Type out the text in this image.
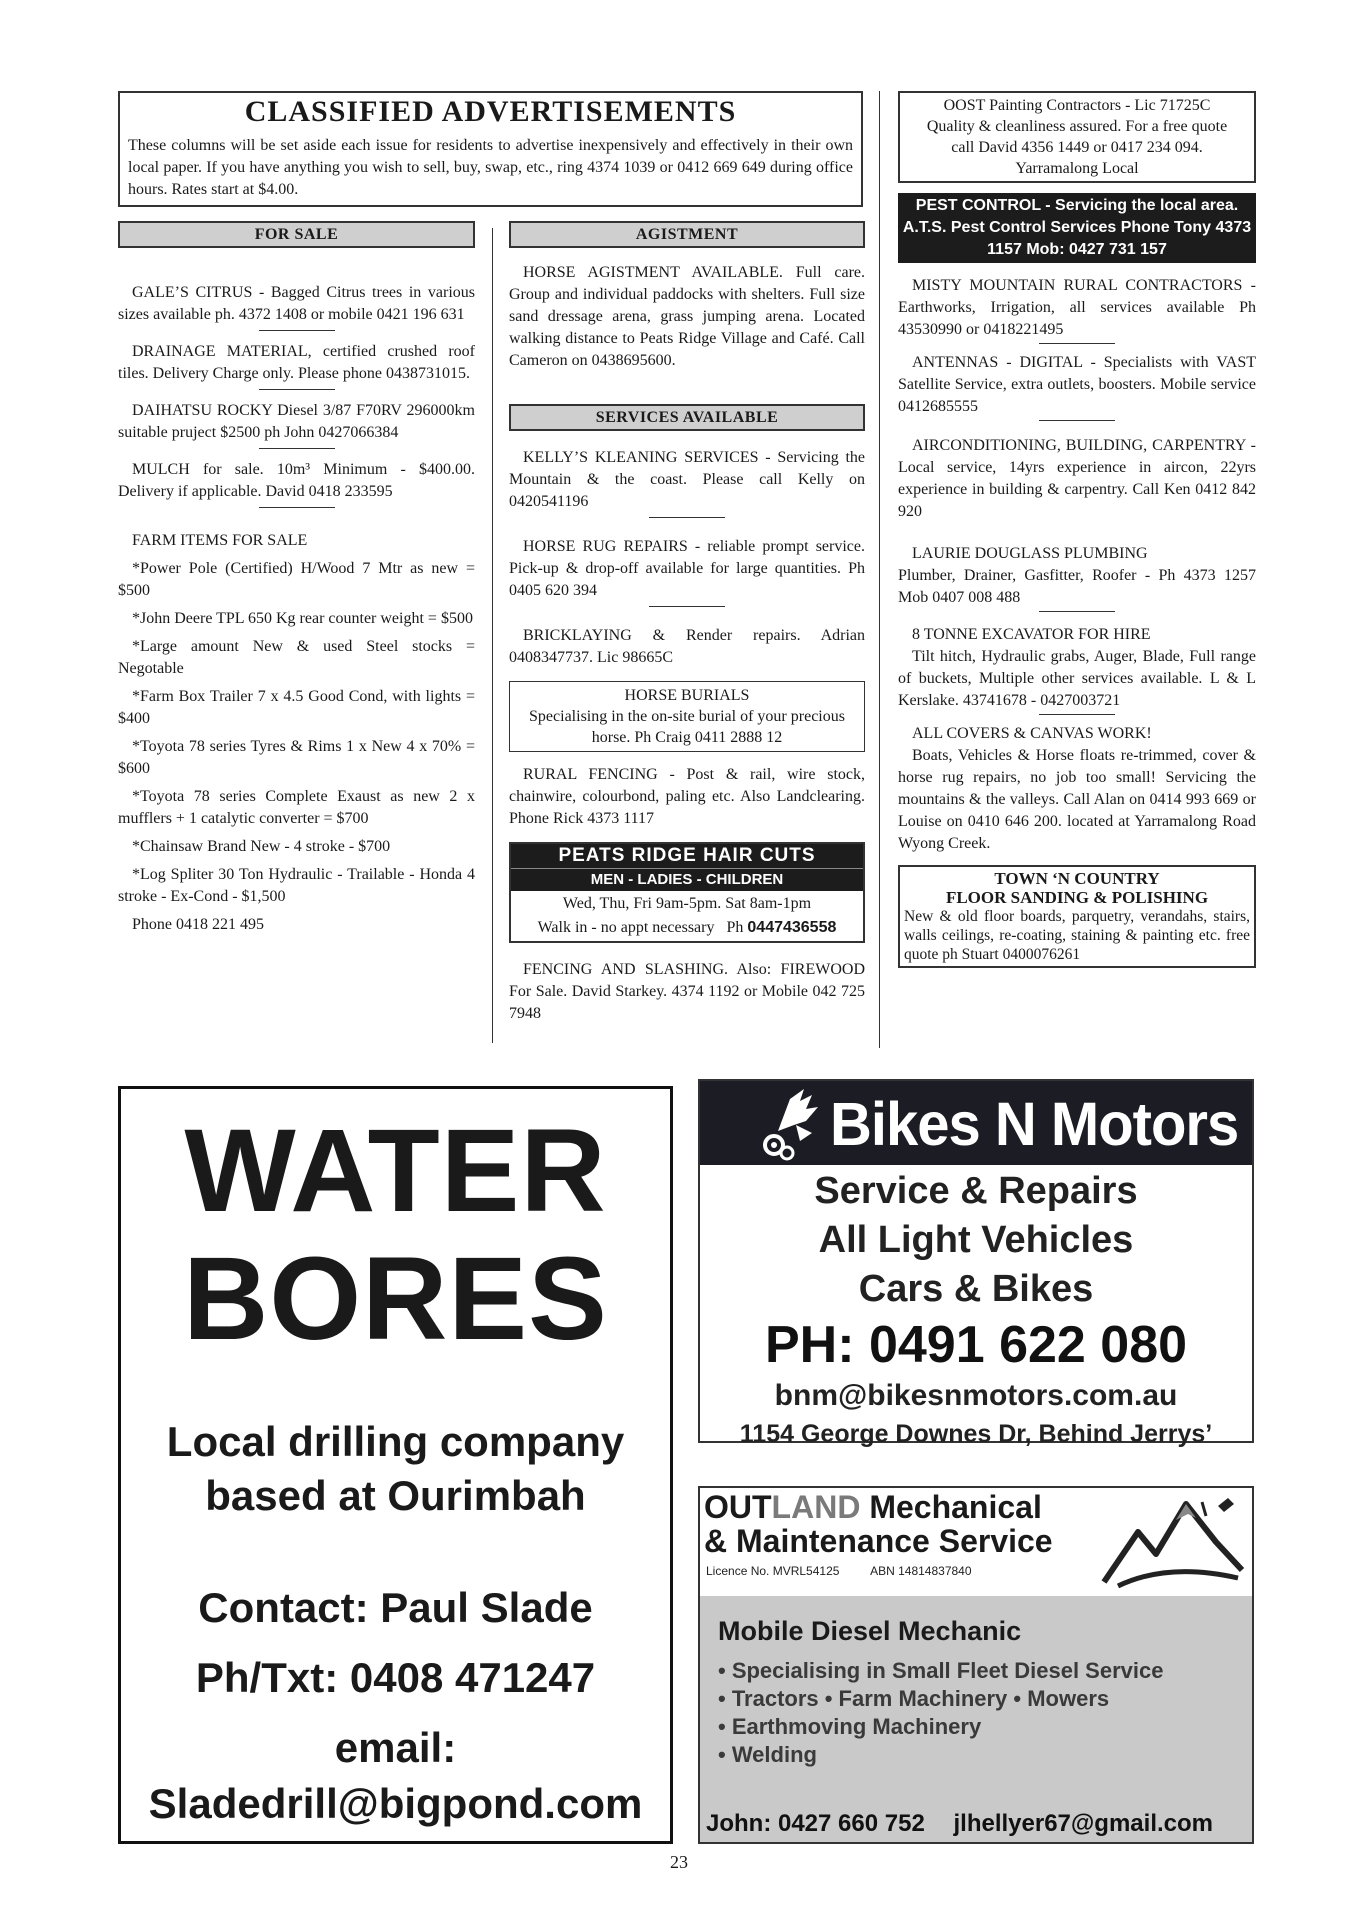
CLASSIFIED ADVERTISEMENTS
These columns will be set aside each issue for residents to advertise inexpensively and effectively in their own local paper. If you have anything you wish to sell, buy, swap, etc., ring 4374 1039 or 0412 669 649 during office hours. Rates start at $4.00.
FOR SALE

GALE’S CITRUS - Bagged Citrus trees in various sizes available ph. 4372 1408 or mobile 0421 196 631

DRAINAGE MATERIAL, certified crushed roof tiles. Delivery Charge only. Please phone 0438731015.

DAIHATSU ROCKY Diesel 3/87 F70RV 296000km suitable pruject $2500 ph John 0427066384

MULCH for sale. 10m³ Minimum - $400.00. Delivery if applicable. David 0418 233595

FARM ITEMS FOR SALE

*Power Pole (Certified) H/Wood 7 Mtr as new = $500

*John Deere TPL 650 Kg rear counter weight = $500

*Large amount New & used Steel stocks = Negotable

*Farm Box Trailer 7 x 4.5 Good Cond, with lights = $400

*Toyota 78 series Tyres & Rims 1 x New 4 x 70% = $600

*Toyota 78 series Complete Exaust as new 2 x mufflers + 1 catalytic converter = $700

*Chainsaw Brand New - 4 stroke - $700

*Log Spliter 30 Ton Hydraulic - Trailable - Honda 4 stroke - Ex-Cond - $1,500

Phone 0418 221 495

AGISTMENT

HORSE AGISTMENT AVAILABLE. Full care. Group and individual paddocks with shelters. Full size sand dressage arena, grass jumping arena. Located walking distance to Peats Ridge Village and Café. Call Cameron on 0438695600.

SERVICES AVAILABLE

KELLY’S KLEANING SERVICES - Servicing the Mountain & the coast. Please call Kelly on 0420541196

HORSE RUG REPAIRS - reliable prompt service. Pick-up & drop-off available for large quantities. Ph 0405 620 394

BRICKLAYING & Render repairs. Adrian 0408347737. Lic 98665C

HORSE BURIALS
Specialising in the on-site burial of your precious horse. Ph Craig 0411 2888 12

RURAL FENCING - Post & rail, wire stock, chainwire, colourbond, paling etc. Also Landclearing. Phone Rick 4373 1117

PEATS RIDGE HAIR CUTS
MEN - LADIES - CHILDREN
Wed, Thu, Fri 9am-5pm. Sat 8am-1pm
Walk in - no appt necessary Ph 0447436558

FENCING AND SLASHING. Also: FIREWOOD For Sale. David Starkey. 4374 1192 or Mobile 042 725 7948

OOST Painting Contractors - Lic 71725C Quality & cleanliness assured. For a free quote call David 4356 1449 or 0417 234 094. Yarramalong Local
PEST CONTROL - Servicing the local area. A.T.S. Pest Control Services Phone Tony 4373 1157 Mob: 0427 731 157

MISTY MOUNTAIN RURAL CONTRACTORS - Earthworks, Irrigation, all services available Ph 43530990 or 0418221495

ANTENNAS - DIGITAL - Specialists with VAST Satellite Service, extra outlets, boosters. Mobile service 0412685555

AIRCONDITIONING, BUILDING, CARPENTRY - Local service, 14yrs experience in aircon, 22yrs experience in building & carpentry. Call Ken 0412 842 920

LAURIE DOUGLASS PLUMBING

Plumber, Drainer, Gasfitter, Roofer - Ph 4373 1257 Mob 0407 008 488

8 TONNE EXCAVATOR FOR HIRE

Tilt hitch, Hydraulic grabs, Auger, Blade, Full range of buckets, Multiple other services available. L & L Kerslake. 43741678 - 0427003721

ALL COVERS & CANVAS WORK!

Boats, Vehicles & Horse floats re-trimmed, cover & horse rug repairs, no job too small! Servicing the mountains & the valleys. Call Alan on 0414 993 669 or Louise on 0410 646 200. located at Yarramalong Road Wyong Creek.

TOWN ‘N COUNTRY
FLOOR SANDING & POLISHING
New & old floor boards, parquetry, verandahs, stairs, walls ceilings, re-coating, staining & painting etc. free quote ph Stuart 0400076261
WATER
BORES
Local drilling company
based at Ourimbah
Contact: Paul Slade
Ph/Txt: 0408 471247
email:
Sladedrill@bigpond.com
Bikes N Motors
Service & Repairs
All Light Vehicles
Cars & Bikes
PH: 0491 622 080
bnm@bikesnmotors.com.au
1154 George Downes Dr, Behind Jerrys’
OUTLAND Mechanical
& Maintenance Service
Licence No. MVRL54125	ABN 14814837840
Mobile Diesel Mechanic
• Specialising in Small Fleet Diesel Service
• Tractors • Farm Machinery • Mowers
• Earthmoving Machinery
• Welding
John: 0427 660 752 jlhellyer67@gmail.com
23
